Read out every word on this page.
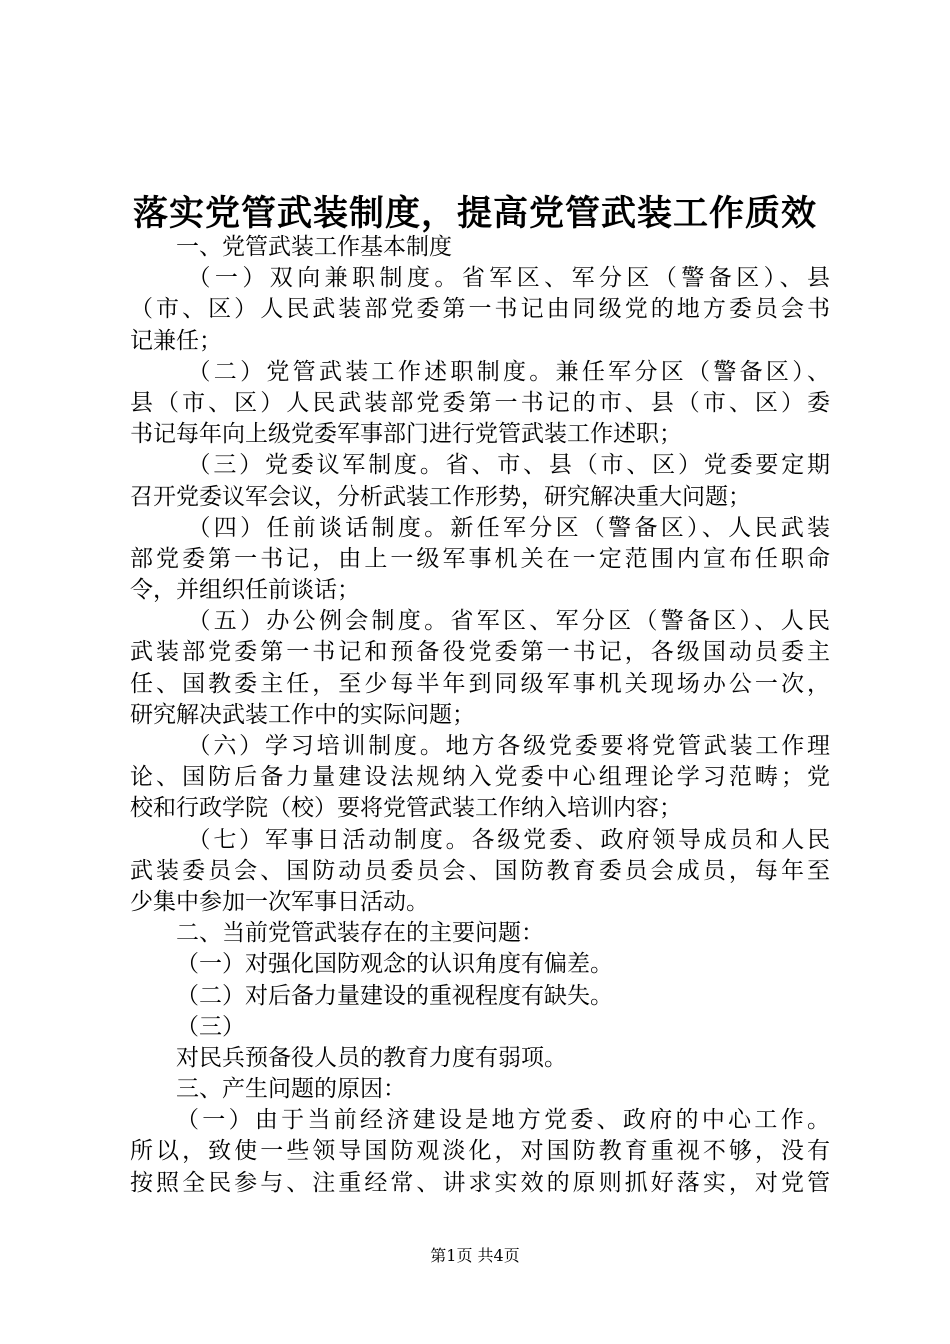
落实党管武装制度，提高党管武装工作质效
一、党管武装工作基本制度
（一）双向兼职制度。省军区、军分区（警备区）、县
（市、区）人民武装部党委第一书记由同级党的地方委员会书
记兼任；
（二）党管武装工作述职制度。兼任军分区（警备区）、
县（市、区）人民武装部党委第一书记的市、县（市、区）委
书记每年向上级党委军事部门进行党管武装工作述职；
（三）党委议军制度。省、市、县（市、区）党委要定期
召开党委议军会议，分析武装工作形势，研究解决重大问题；
（四）任前谈话制度。新任军分区（警备区）、人民武装
部党委第一书记，由上一级军事机关在一定范围内宣布任职命
令，并组织任前谈话；
（五）办公例会制度。省军区、军分区（警备区）、人民
武装部党委第一书记和预备役党委第一书记，各级国动员委主
任、国教委主任，至少每半年到同级军事机关现场办公一次，
研究解决武装工作中的实际问题；
（六）学习培训制度。地方各级党委要将党管武装工作理
论、国防后备力量建设法规纳入党委中心组理论学习范畴；党
校和行政学院（校）要将党管武装工作纳入培训内容；
（七）军事日活动制度。各级党委、政府领导成员和人民
武装委员会、国防动员委员会、国防教育委员会成员，每年至
少集中参加一次军事日活动。
二、当前党管武装存在的主要问题：
（一）对强化国防观念的认识角度有偏差。
（二）对后备力量建设的重视程度有缺失。
（三）
对民兵预备役人员的教育力度有弱项。
三、产生问题的原因：
（一）由于当前经济建设是地方党委、政府的中心工作。
所以，致使一些领导国防观淡化，对国防教育重视不够，没有
按照全民参与、注重经常、讲求实效的原则抓好落实，对党管
第1页 共4页
